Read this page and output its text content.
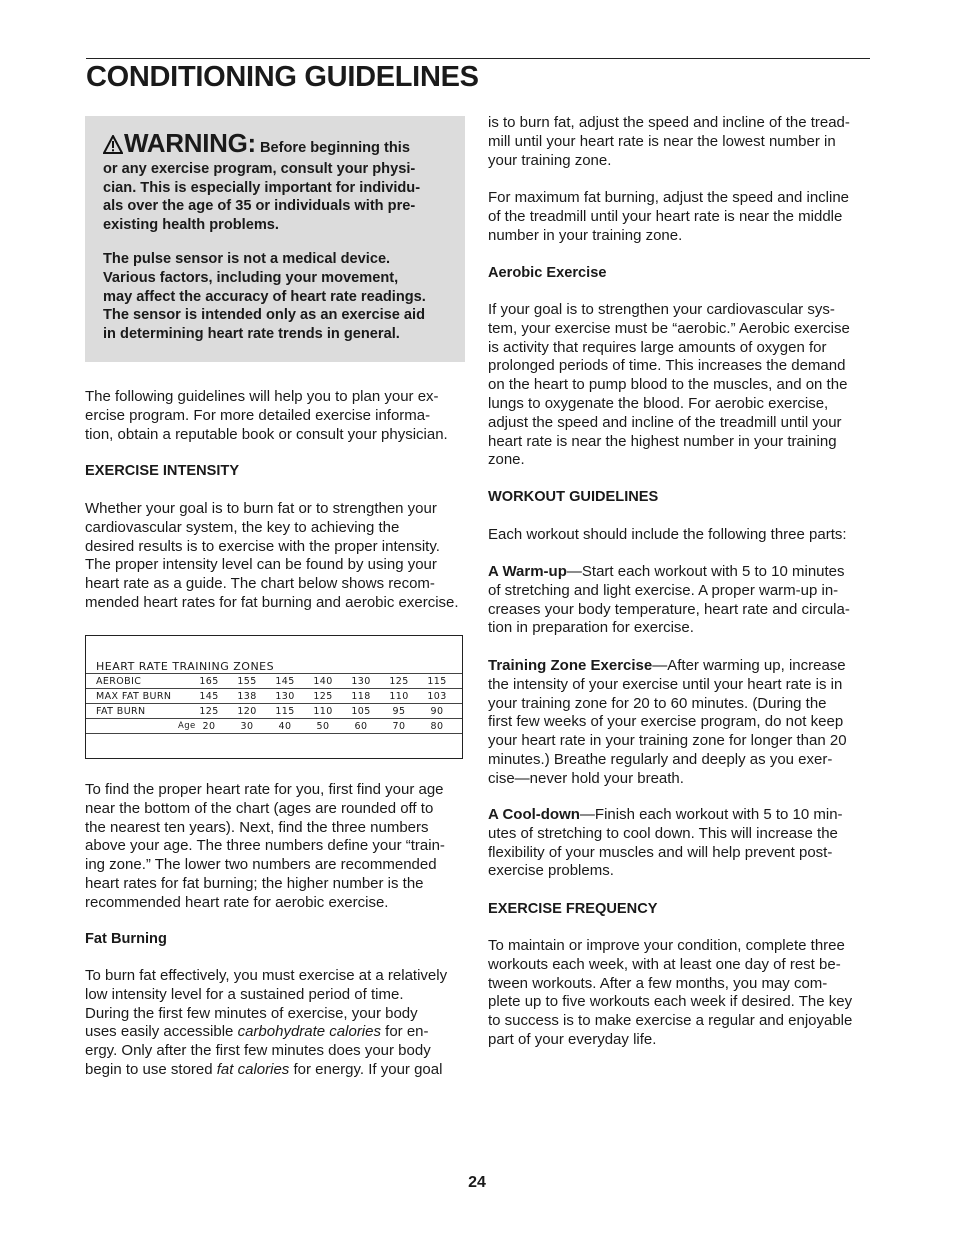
CONDITIONING GUIDELINES
WARNING: Before beginning this
or any exercise program, consult your physi-
cian. This is especially important for individu-
als over the age of 35 or individuals with pre-
existing health problems.
The pulse sensor is not a medical device.
Various factors, including your movement,
may affect the accuracy of heart rate readings.
The sensor is intended only as an exercise aid
in determining heart rate trends in general.
The following guidelines will help you to plan your ex-
ercise program. For more detailed exercise informa-
tion, obtain a reputable book or consult your physician.
EXERCISE INTENSITY
Whether your goal is to burn fat or to strengthen your
cardiovascular system, the key to achieving the
desired results is to exercise with the proper intensity.
The proper intensity level can be found by using your
heart rate as a guide. The chart below shows recom-
mended heart rates for fat burning and aerobic exercise.
HEART RATE TRAINING ZONES
AEROBIC	165	155	145	140	130	125	115
MAX FAT BURN	145	138	130	125	118	110	103
FAT BURN	125	120	115	110	105	95	90
Age 20	30	40	50	60	70	80
To find the proper heart rate for you, first find your age
near the bottom of the chart (ages are rounded off to
the nearest ten years). Next, find the three numbers
above your age. The three numbers define your “train-
ing zone.” The lower two numbers are recommended
heart rates for fat burning; the higher number is the
recommended heart rate for aerobic exercise.
Fat Burning
To burn fat effectively, you must exercise at a relatively
low intensity level for a sustained period of time.
During the first few minutes of exercise, your body
uses easily accessible carbohydrate calories for en-
ergy. Only after the first few minutes does your body
begin to use stored fat calories for energy. If your goal
is to burn fat, adjust the speed and incline of the tread-
mill until your heart rate is near the lowest number in
your training zone.
For maximum fat burning, adjust the speed and incline
of the treadmill until your heart rate is near the middle
number in your training zone.
Aerobic Exercise
If your goal is to strengthen your cardiovascular sys-
tem, your exercise must be “aerobic.” Aerobic exercise
is activity that requires large amounts of oxygen for
prolonged periods of time. This increases the demand
on the heart to pump blood to the muscles, and on the
lungs to oxygenate the blood. For aerobic exercise,
adjust the speed and incline of the treadmill until your
heart rate is near the highest number in your training
zone.
WORKOUT GUIDELINES
Each workout should include the following three parts:
A Warm-up—Start each workout with 5 to 10 minutes
of stretching and light exercise. A proper warm-up in-
creases your body temperature, heart rate and circula-
tion in preparation for exercise.
Training Zone Exercise—After warming up, increase
the intensity of your exercise until your heart rate is in
your training zone for 20 to 60 minutes. (During the
first few weeks of your exercise program, do not keep
your heart rate in your training zone for longer than 20
minutes.) Breathe regularly and deeply as you exer-
cise—never hold your breath.
A Cool-down—Finish each workout with 5 to 10 min-
utes of stretching to cool down. This will increase the
flexibility of your muscles and will help prevent post-
exercise problems.
EXERCISE FREQUENCY
To maintain or improve your condition, complete three
workouts each week, with at least one day of rest be-
tween workouts. After a few months, you may com-
plete up to five workouts each week if desired. The key
to success is to make exercise a regular and enjoyable
part of your everyday life.
24
